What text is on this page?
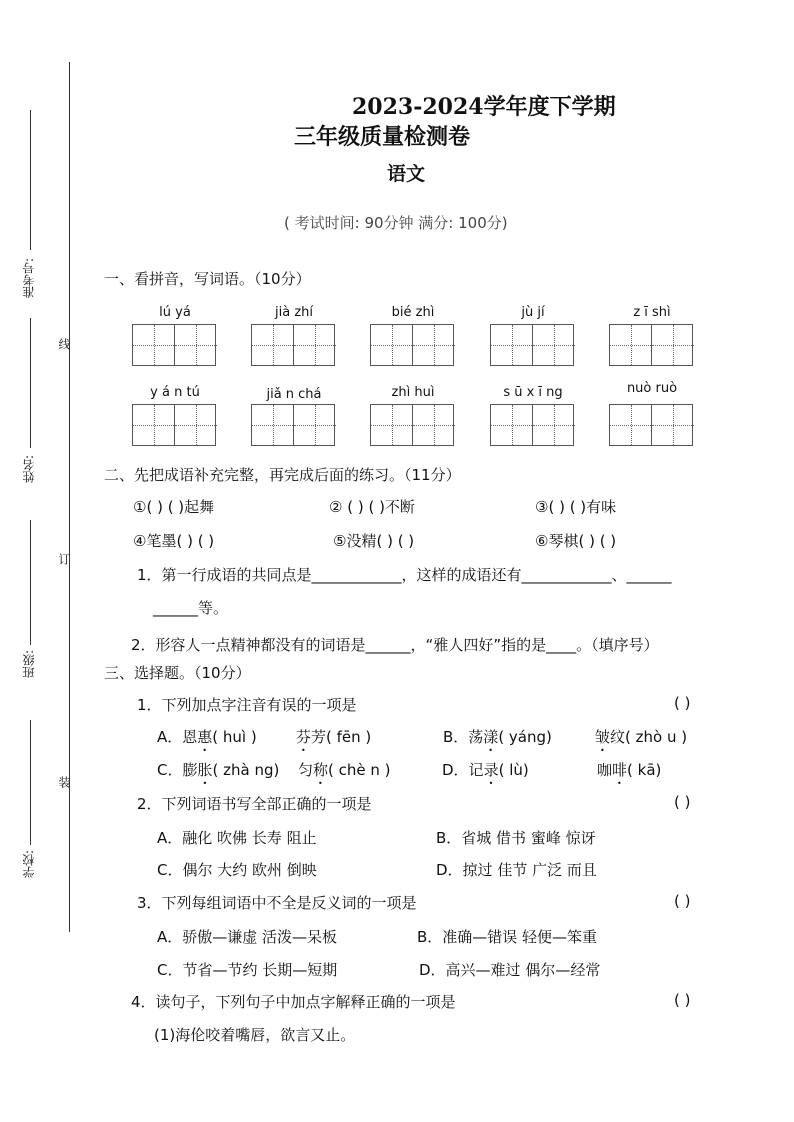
准考号:
姓名:
班级:
学校:
线
订
装
2023-2024学年度下学期
三年级质量检测卷
语文
( 考试时间: 90分钟 满分: 100分)
一、看拼音，写词语。（10分）
lú yá	jià zhí	bié zhì	jù jí	z ī shì
y á n tú	jiǎ n chá	zhì huì	s ū x ī ng	nuò ruò
二、先把成语补充完整，再完成后面的练习。（11分）
①( ) ( )起舞	② ( ) ( )不断	③( ) ( )有味
④笔墨( ) ( )	⑤没精( ) ( )	⑥琴棋( ) ( )
1．第一行成语的共同点是____________，这样的成语还有____________、______
______等。
2．形容人一点精神都没有的词语是______，“雅人四好”指的是____。（填序号）
三、选择题。（10分）
1．下列加点字注音有误的一项是	( )
A．恩惠( huì )	芬芳( fēn )	B．荡漾( yáng)	皱纹( zhò u )
C．膨胀( zhà ng) 匀称( chè n )	D．记录( lù)	咖啡( kā)
2．下列词语书写全部正确的一项是	( )
A．融化 吹佛 长寿 阻止	B．省城 借书 蜜峰 惊讶
C．偶尔 大约 欧州 倒映	D．掠过 佳节 广泛 而且
3．下列每组词语中不全是反义词的一项是	( )
A．骄傲—谦虚 活泼—呆板	B．准确—错误 轻便—笨重
C．节省—节约 长期—短期	D．高兴—难过 偶尔—经常
4．读句子，下列句子中加点字解释正确的一项是	( )
(1)海伦咬着嘴唇，欲言又止。
